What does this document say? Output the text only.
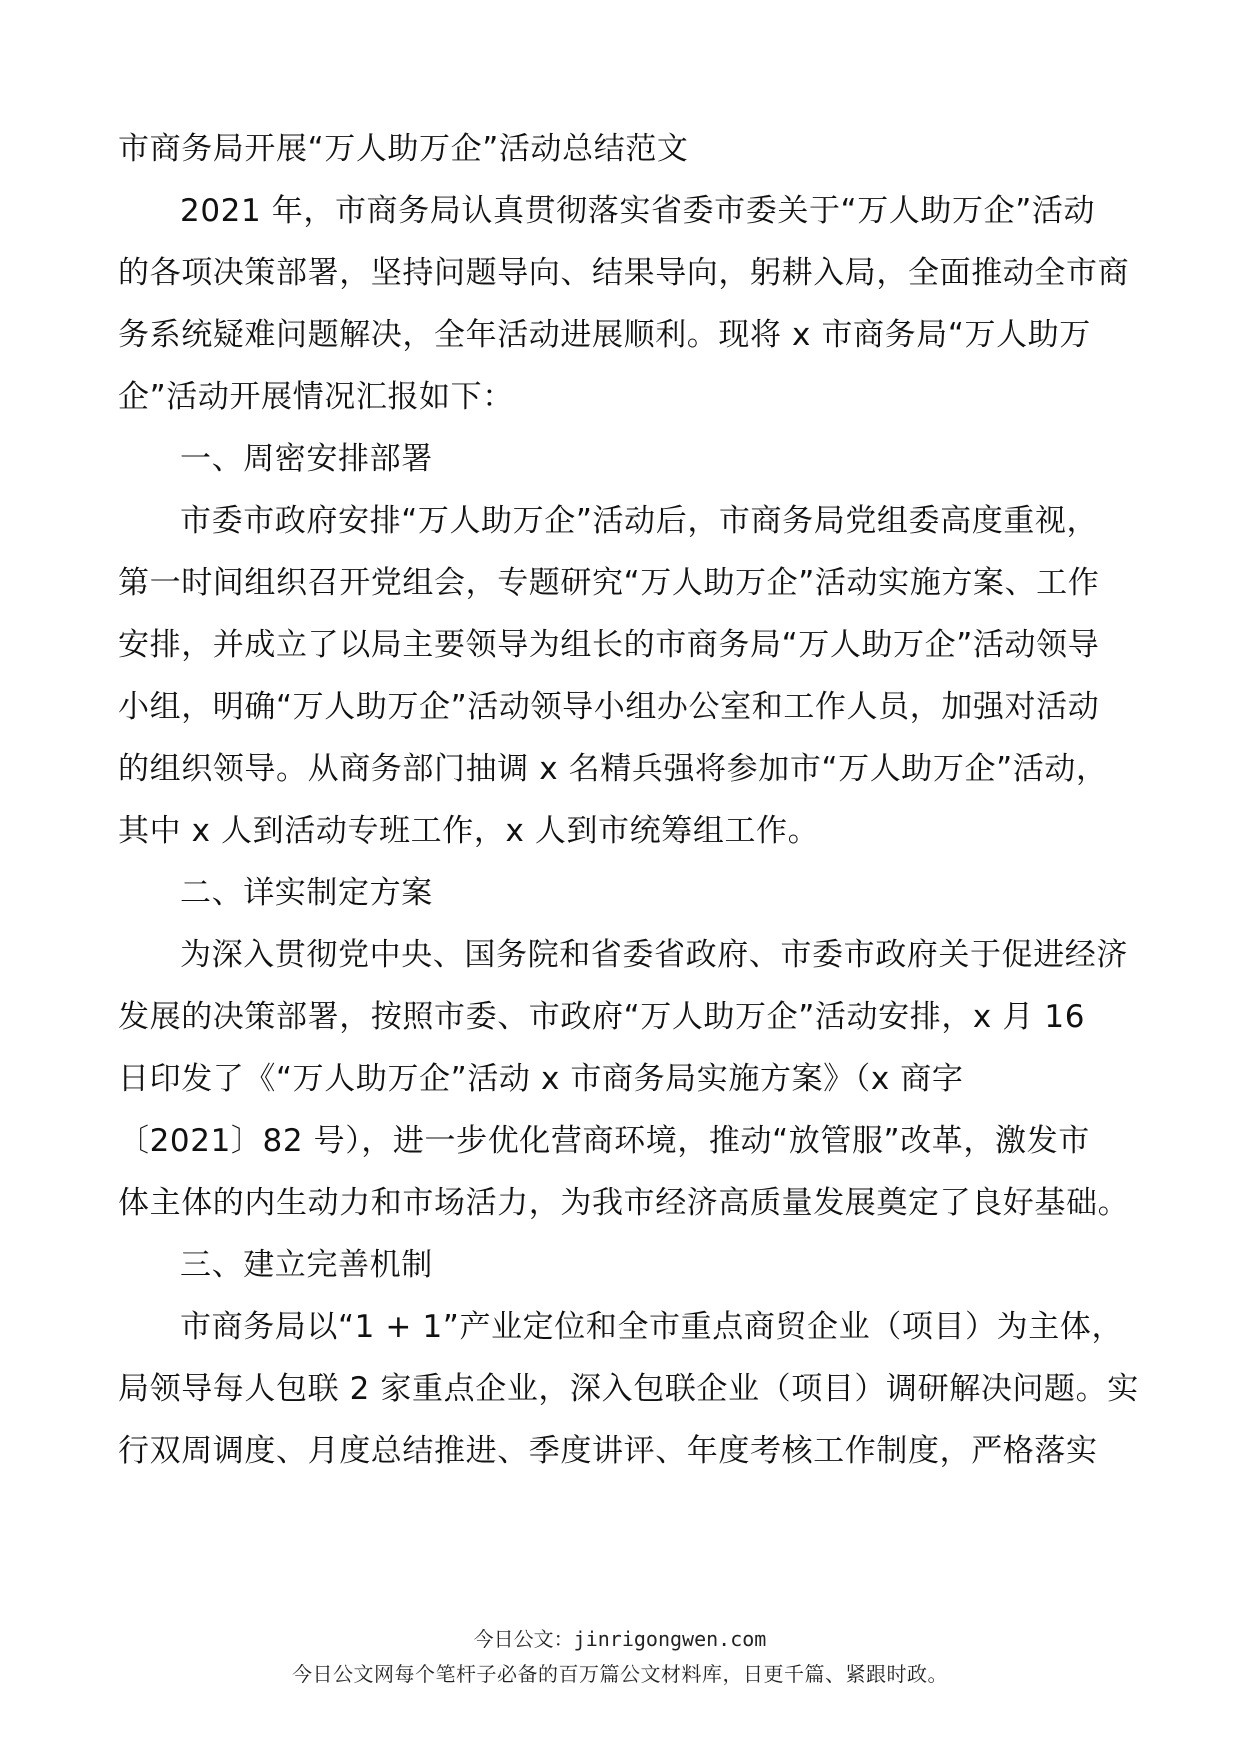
市商务局开展“万人助万企”活动总结范文
2021 年，市商务局认真贯彻落实省委市委关于“万人助万企”活动
的各项决策部署，坚持问题导向、结果导向，躬耕入局，全面推动全市商
务系统疑难问题解决，全年活动进展顺利。现将 x 市商务局“万人助万
企”活动开展情况汇报如下：
一、周密安排部署
市委市政府安排“万人助万企”活动后，市商务局党组委高度重视，
第一时间组织召开党组会，专题研究“万人助万企”活动实施方案、工作
安排，并成立了以局主要领导为组长的市商务局“万人助万企”活动领导
小组，明确“万人助万企”活动领导小组办公室和工作人员，加强对活动
的组织领导。从商务部门抽调 x 名精兵强将参加市“万人助万企”活动，
其中 x 人到活动专班工作，x 人到市统筹组工作。
二、详实制定方案
为深入贯彻党中央、国务院和省委省政府、市委市政府关于促进经济
发展的决策部署，按照市委、市政府“万人助万企”活动安排，x 月 16
日印发了《“万人助万企”活动 x 市商务局实施方案》（x 商字
〔2021〕82 号），进一步优化营商环境，推动“放管服”改革，激发市
体主体的内生动力和市场活力，为我市经济高质量发展奠定了良好基础。
三、建立完善机制
市商务局以“1 + 1”产业定位和全市重点商贸企业（项目）为主体，
局领导每人包联 2 家重点企业，深入包联企业（项目）调研解决问题。实
行双周调度、月度总结推进、季度讲评、年度考核工作制度，严格落实
今日公文：jinrigongwen.com
今日公文网每个笔杆子必备的百万篇公文材料库，日更千篇、紧跟时政。
